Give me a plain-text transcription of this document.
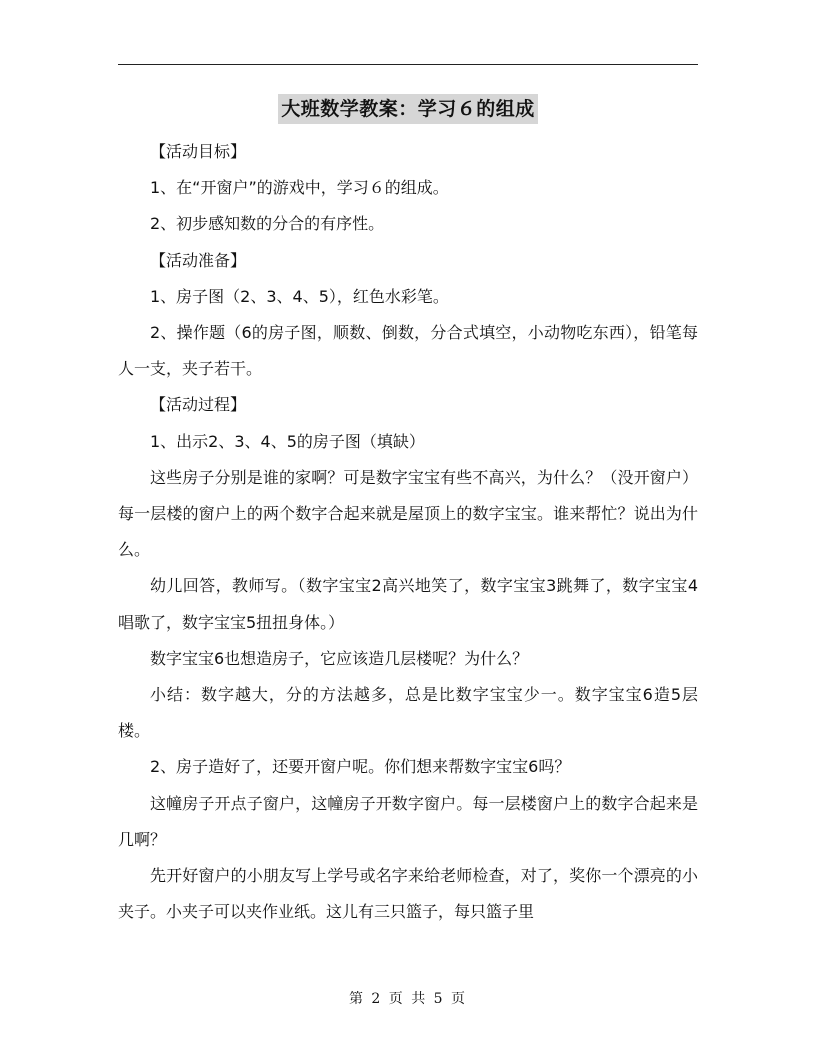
大班数学教案：学习６的组成

【活动目标】

1、在“开窗户”的游戏中，学习６的组成。

2、初步感知数的分合的有序性。

【活动准备】

1、房子图（2、3、4、5），红色水彩笔。

2、操作题（6的房子图，顺数、倒数，分合式填空，小动物吃东西），铅笔每人一支，夹子若干。

【活动过程】

1、出示2、3、4、5的房子图（填缺）

这些房子分别是谁的家啊？可是数字宝宝有些不高兴，为什么？（没开窗户）每一层楼的窗户上的两个数字合起来就是屋顶上的数字宝宝。谁来帮忙？说出为什么。

幼儿回答，教师写。（数字宝宝2高兴地笑了，数字宝宝3跳舞了，数字宝宝4唱歌了，数字宝宝5扭扭身体。）

数字宝宝6也想造房子，它应该造几层楼呢？为什么？

小结：数字越大，分的方法越多，总是比数字宝宝少一。数字宝宝6造5层楼。

2、房子造好了，还要开窗户呢。你们想来帮数字宝宝6吗？

这幢房子开点子窗户，这幢房子开数字窗户。每一层楼窗户上的数字合起来是几啊？

先开好窗户的小朋友写上学号或名字来给老师检查，对了，奖你一个漂亮的小夹子。小夹子可以夹作业纸。这儿有三只篮子，每只篮子里

第 2 页 共 5 页
